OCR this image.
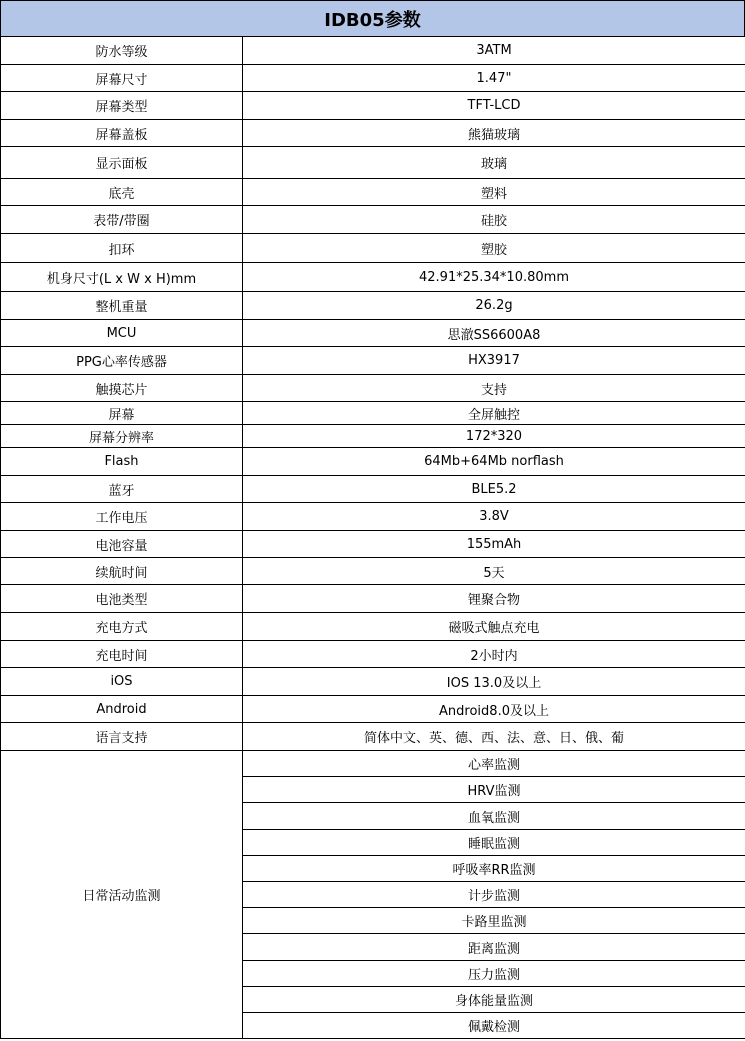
IDB05参数
防水等级	3ATM
屏幕尺寸	1.47"
屏幕类型	TFT-LCD
屏幕盖板	熊猫玻璃
显示面板	玻璃
底壳	塑料
表带/带圈	硅胶
扣环	塑胶
机身尺寸(L x W x H)mm	42.91*25.34*10.80mm
整机重量	26.2g
MCU	思澈SS6600A8
PPG心率传感器	HX3917
触摸芯片	支持
屏幕	全屏触控
屏幕分辨率	172*320
Flash	64Mb+64Mb norflash
蓝牙	BLE5.2
工作电压	3.8V
电池容量	155mAh
续航时间	5天
电池类型	锂聚合物
充电方式	磁吸式触点充电
充电时间	2小时内
iOS	IOS 13.0及以上
Android	Android8.0及以上
语言支持	简体中文、英、德、西、法、意、日、俄、葡
日常活动监测	心率监测
	HRV监测
	血氧监测
	睡眠监测
	呼吸率RR监测
	计步监测
	卡路里监测
	距离监测
	压力监测
	身体能量监测
	佩戴检测
